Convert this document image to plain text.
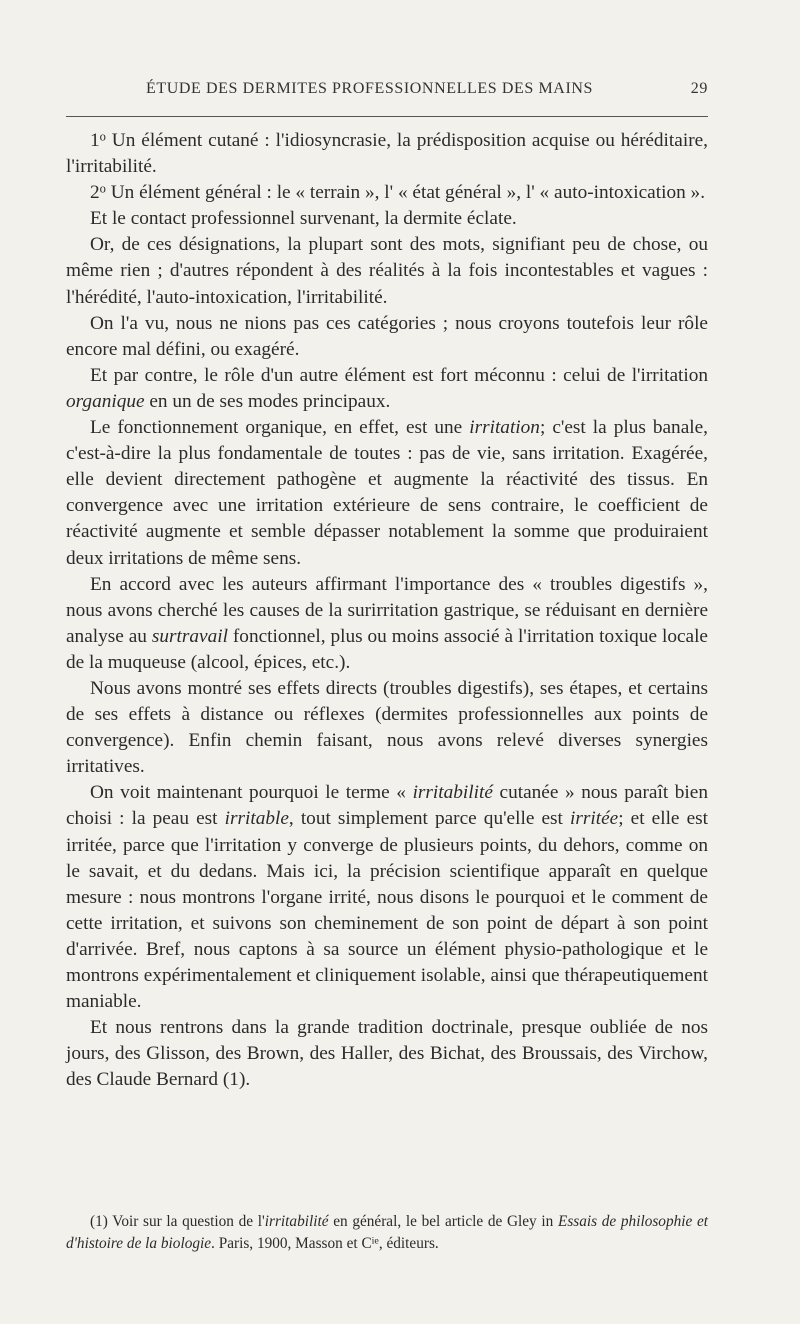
ÉTUDE DES DERMITES PROFESSIONNELLES DES MAINS	29

1$^o$ Un élément cutané : l'idiosyncrasie, la prédisposition acquise ou héréditaire, l'irritabilité.

2$^o$ Un élément général : le « terrain », l' « état général », l' « auto-intoxication ».

Et le contact professionnel survenant, la dermite éclate.

Or, de ces désignations, la plupart sont des mots, signifiant peu de chose, ou même rien ; d'autres répondent à des réalités à la fois incontestables et vagues : l'hérédité, l'auto-intoxication, l'irritabilité.

On l'a vu, nous ne nions pas ces catégories ; nous croyons toutefois leur rôle encore mal défini, ou exagéré.

Et par contre, le rôle d'un autre élément est fort méconnu : celui de l'irritation organique en un de ses modes principaux.

Le fonctionnement organique, en effet, est une irritation; c'est la plus banale, c'est-à-dire la plus fondamentale de toutes : pas de vie, sans irritation. Exagérée, elle devient directement pathogène et augmente la réactivité des tissus. En convergence avec une irritation extérieure de sens contraire, le coefficient de réactivité augmente et semble dépasser notablement la somme que produiraient deux irritations de même sens.

En accord avec les auteurs affirmant l'importance des « troubles digestifs », nous avons cherché les causes de la surirritation gastrique, se réduisant en dernière analyse au surtravail fonctionnel, plus ou moins associé à l'irritation toxique locale de la muqueuse (alcool, épices, etc.).

Nous avons montré ses effets directs (troubles digestifs), ses étapes, et certains de ses effets à distance ou réflexes (dermites professionnelles aux points de convergence). Enfin chemin faisant, nous avons relevé diverses synergies irritatives.

On voit maintenant pourquoi le terme « irritabilité cutanée » nous paraît bien choisi : la peau est irritable, tout simplement parce qu'elle est irritée; et elle est irritée, parce que l'irritation y converge de plusieurs points, du dehors, comme on le savait, et du dedans. Mais ici, la précision scientifique apparaît en quelque mesure : nous montrons l'organe irrité, nous disons le pourquoi et le comment de cette irritation, et suivons son cheminement de son point de départ à son point d'arrivée. Bref, nous captons à sa source un élément physio-pathologique et le montrons expérimentalement et cliniquement isolable, ainsi que thérapeutiquement maniable.

Et nous rentrons dans la grande tradition doctrinale, presque oubliée de nos jours, des Glisson, des Brown, des Haller, des Bichat, des Broussais, des Virchow, des Claude Bernard (1).

(1) Voir sur la question de l'irritabilité en général, le bel article de Gley in Essais de philosophie et d'histoire de la biologie. Paris, 1900, Masson et $C^{ie}$, éditeurs.
